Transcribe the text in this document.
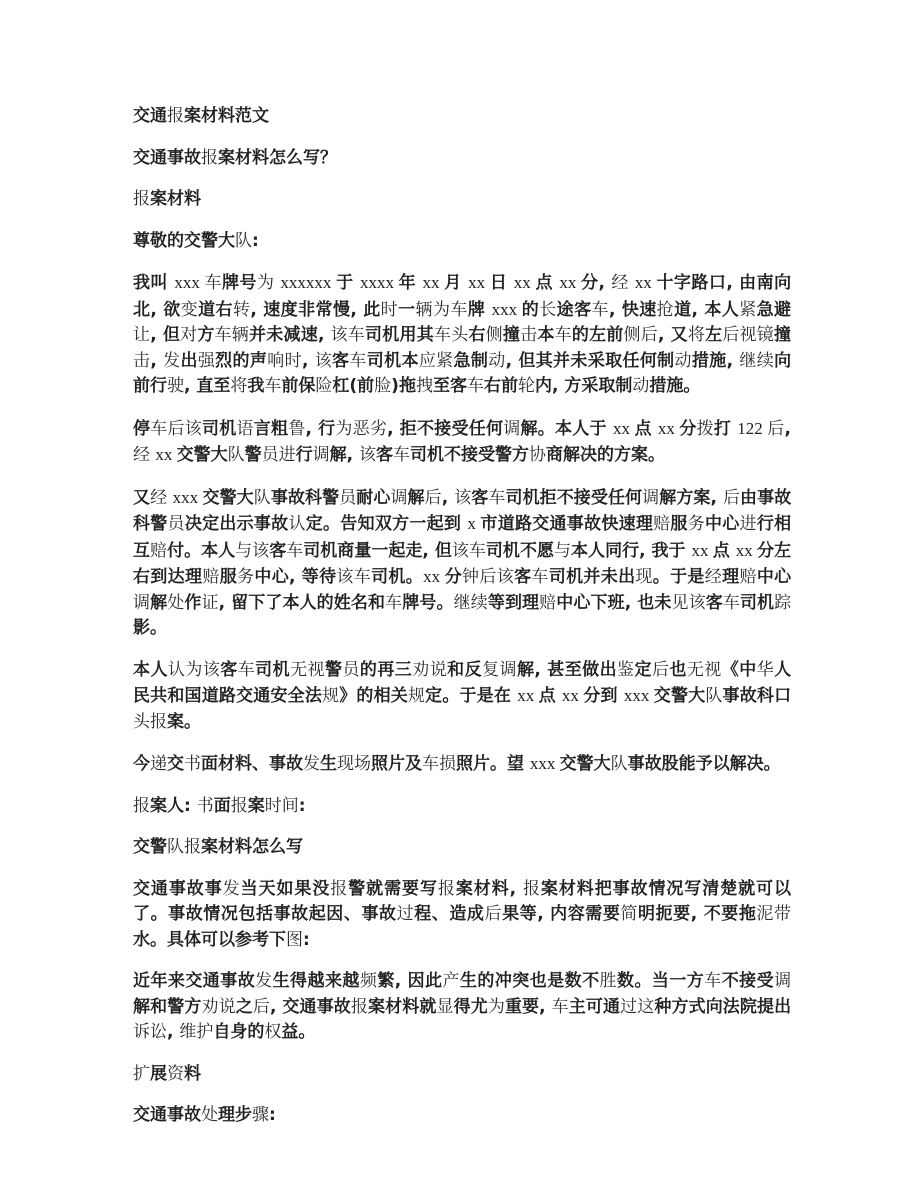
交通报案材料范文

交通事故报案材料怎么写？

报案材料

尊敬的交警大队:

我叫 xxx 车牌号为 xxxxxx 于 xxxx 年 xx 月 xx 日 xx 点 xx 分, 经 xx 十字路口, 由南向北, 欲变道右转, 速度非常慢, 此时一辆为车牌 xxx 的长途客车, 快速抢道, 本人紧急避让, 但对方车辆并未减速, 该车司机用其车头右侧撞击本车的左前侧后, 又将左后视镜撞击, 发出强烈的声响时, 该客车司机本应紧急制动, 但其并未采取任何制动措施, 继续向前行驶, 直至将我车前保险杠(前脸)拖拽至客车右前轮内, 方采取制动措施。

停车后该司机语言粗鲁, 行为恶劣, 拒不接受任何调解。本人于 xx 点 xx 分拨打 122 后, 经 xx 交警大队警员进行调解, 该客车司机不接受警方协商解决的方案。

又经 xxx 交警大队事故科警员耐心调解后, 该客车司机拒不接受任何调解方案, 后由事故科警员决定出示事故认定。告知双方一起到 x 市道路交通事故快速理赔服务中心进行相互赔付。本人与该客车司机商量一起走, 但该车司机不愿与本人同行, 我于 xx 点 xx 分左右到达理赔服务中心, 等待该车司机。xx 分钟后该客车司机并未出现。于是经理赔中心调解处作证, 留下了本人的姓名和车牌号。继续等到理赔中心下班, 也未见该客车司机踪影。

本人认为该客车司机无视警员的再三劝说和反复调解, 甚至做出鉴定后也无视《中华人民共和国道路交通安全法规》的相关规定。于是在 xx 点 xx 分到 xxx 交警大队事故科口头报案。

今递交书面材料、事故发生现场照片及车损照片。望 xxx 交警大队事故股能予以解决。

报案人: 书面报案时间:

交警队报案材料怎么写

交通事故事发当天如果没报警就需要写报案材料, 报案材料把事故情况写清楚就可以了。事故情况包括事故起因、事故过程、造成后果等, 内容需要简明扼要, 不要拖泥带水。具体可以参考下图:

近年来交通事故发生得越来越频繁, 因此产生的冲突也是数不胜数。当一方车不接受调解和警方劝说之后, 交通事故报案材料就显得尤为重要, 车主可通过这种方式向法院提出诉讼, 维护自身的权益。

扩展资料

交通事故处理步骤:
